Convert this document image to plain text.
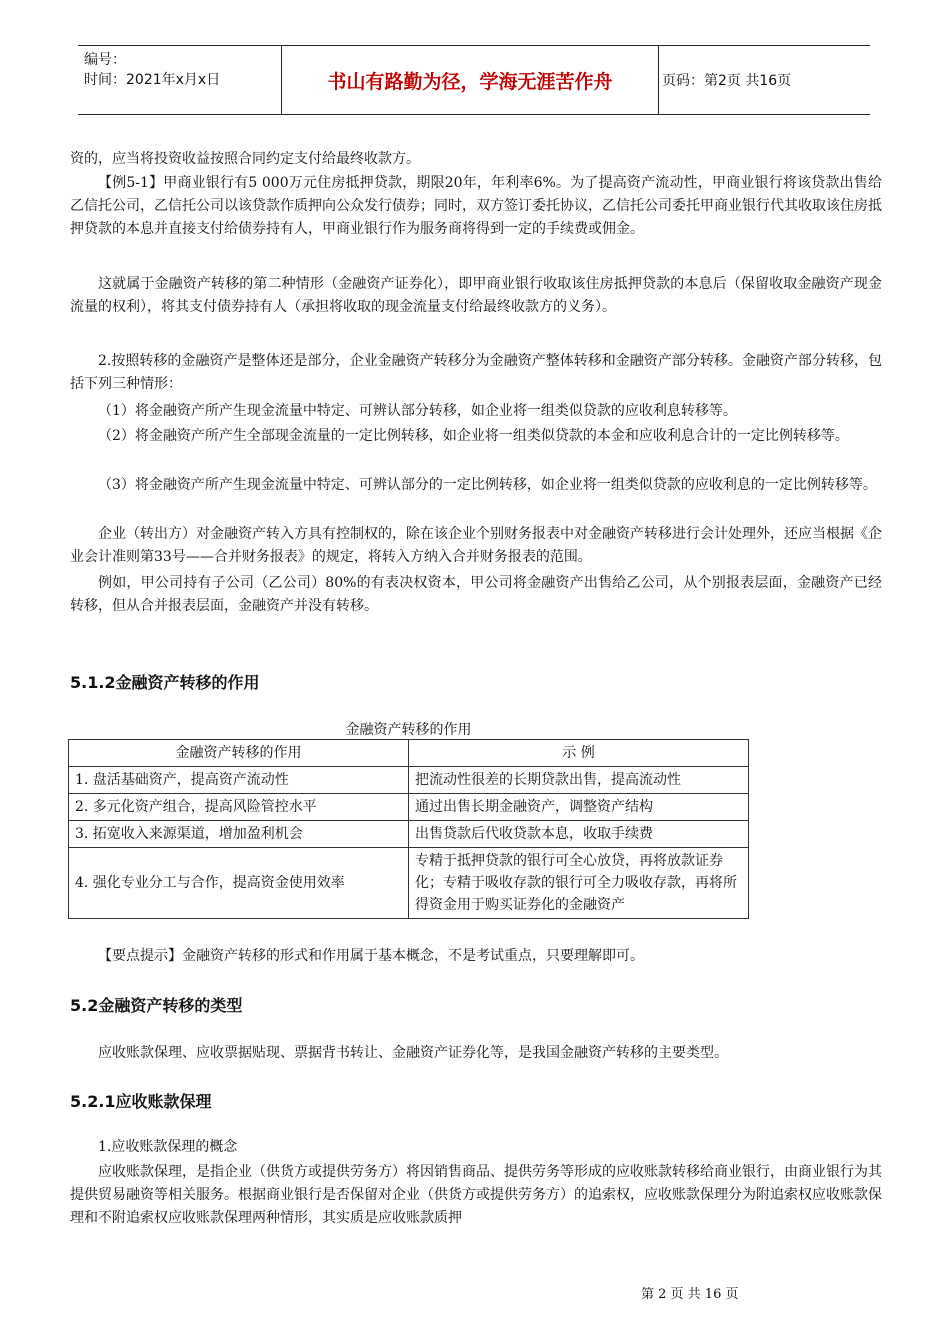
编号：
时间：2021年x月x日	书山有路勤为径，学海无涯苦作舟	页码：第2页 共16页
资的，应当将投资收益按照合同约定支付给最终收款方。
【例5-1】甲商业银行有5 000万元住房抵押贷款，期限20年，年利率6%。为了提高资产流动性，甲商业银行将该贷款出售给乙信托公司，乙信托公司以该贷款作质押向公众发行债券；同时，双方签订委托协议，乙信托公司委托甲商业银行代其收取该住房抵押贷款的本息并直接支付给债券持有人，甲商业银行作为服务商将得到一定的手续费或佣金。
这就属于金融资产转移的第二种情形（金融资产证券化），即甲商业银行收取该住房抵押贷款的本息后（保留收取金融资产现金流量的权利），将其支付债券持有人（承担将收取的现金流量支付给最终收款方的义务）。
2.按照转移的金融资产是整体还是部分，企业金融资产转移分为金融资产整体转移和金融资产部分转移。金融资产部分转移，包括下列三种情形：
（1）将金融资产所产生现金流量中特定、可辨认部分转移，如企业将一组类似贷款的应收利息转移等。
（2）将金融资产所产生全部现金流量的一定比例转移，如企业将一组类似贷款的本金和应收利息合计的一定比例转移等。
（3）将金融资产所产生现金流量中特定、可辨认部分的一定比例转移，如企业将一组类似贷款的应收利息的一定比例转移等。
企业（转出方）对金融资产转入方具有控制权的，除在该企业个别财务报表中对金融资产转移进行会计处理外，还应当根据《企业会计准则第33号——合并财务报表》的规定，将转入方纳入合并财务报表的范围。
例如，甲公司持有子公司（乙公司）80%的有表决权资本，甲公司将金融资产出售给乙公司，从个别报表层面，金融资产已经转移，但从合并报表层面，金融资产并没有转移。
5.1.2金融资产转移的作用
金融资产转移的作用
金融资产转移的作用	示 例
1. 盘活基础资产，提高资产流动性	把流动性很差的长期贷款出售，提高流动性
2. 多元化资产组合，提高风险管控水平	通过出售长期金融资产，调整资产结构
3. 拓宽收入来源渠道，增加盈利机会	出售贷款后代收贷款本息，收取手续费
4. 强化专业分工与合作，提高资金使用效率	专精于抵押贷款的银行可全心放贷，再将放款证券化；专精于吸收存款的银行可全力吸收存款，再将所得资金用于购买证券化的金融资产
【要点提示】金融资产转移的形式和作用属于基本概念，不是考试重点，只要理解即可。
5.2金融资产转移的类型
应收账款保理、应收票据贴现、票据背书转让、金融资产证券化等，是我国金融资产转移的主要类型。
5.2.1应收账款保理
1.应收账款保理的概念
应收账款保理，是指企业（供货方或提供劳务方）将因销售商品、提供劳务等形成的应收账款转移给商业银行，由商业银行为其提供贸易融资等相关服务。根据商业银行是否保留对企业（供货方或提供劳务方）的追索权，应收账款保理分为附追索权应收账款保理和不附追索权应收账款保理两种情形，其实质是应收账款质押
第 2 页 共 16 页
